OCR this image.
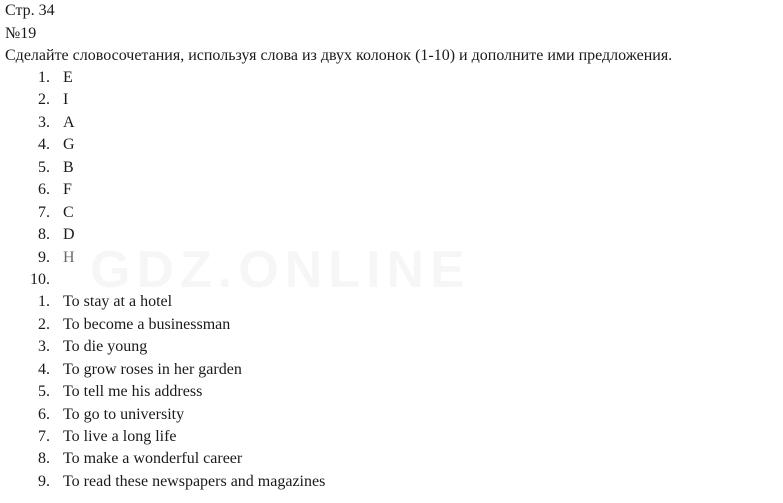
Стр. 34
№19
Сделайте словосочетания, используя слова из двух колонок (1-10) и дополните ими предложения.
1. E
2. I
3. A
4. G
5. B
6. F
7. C
8. D
9. H
10.
1. To stay at a hotel
2. To become a businessman
3. To die young
4. To grow roses in her garden
5. To tell me his address
6. To go to university
7. To live a long life
8. To make a wonderful career
9. To read these newspapers and magazines
